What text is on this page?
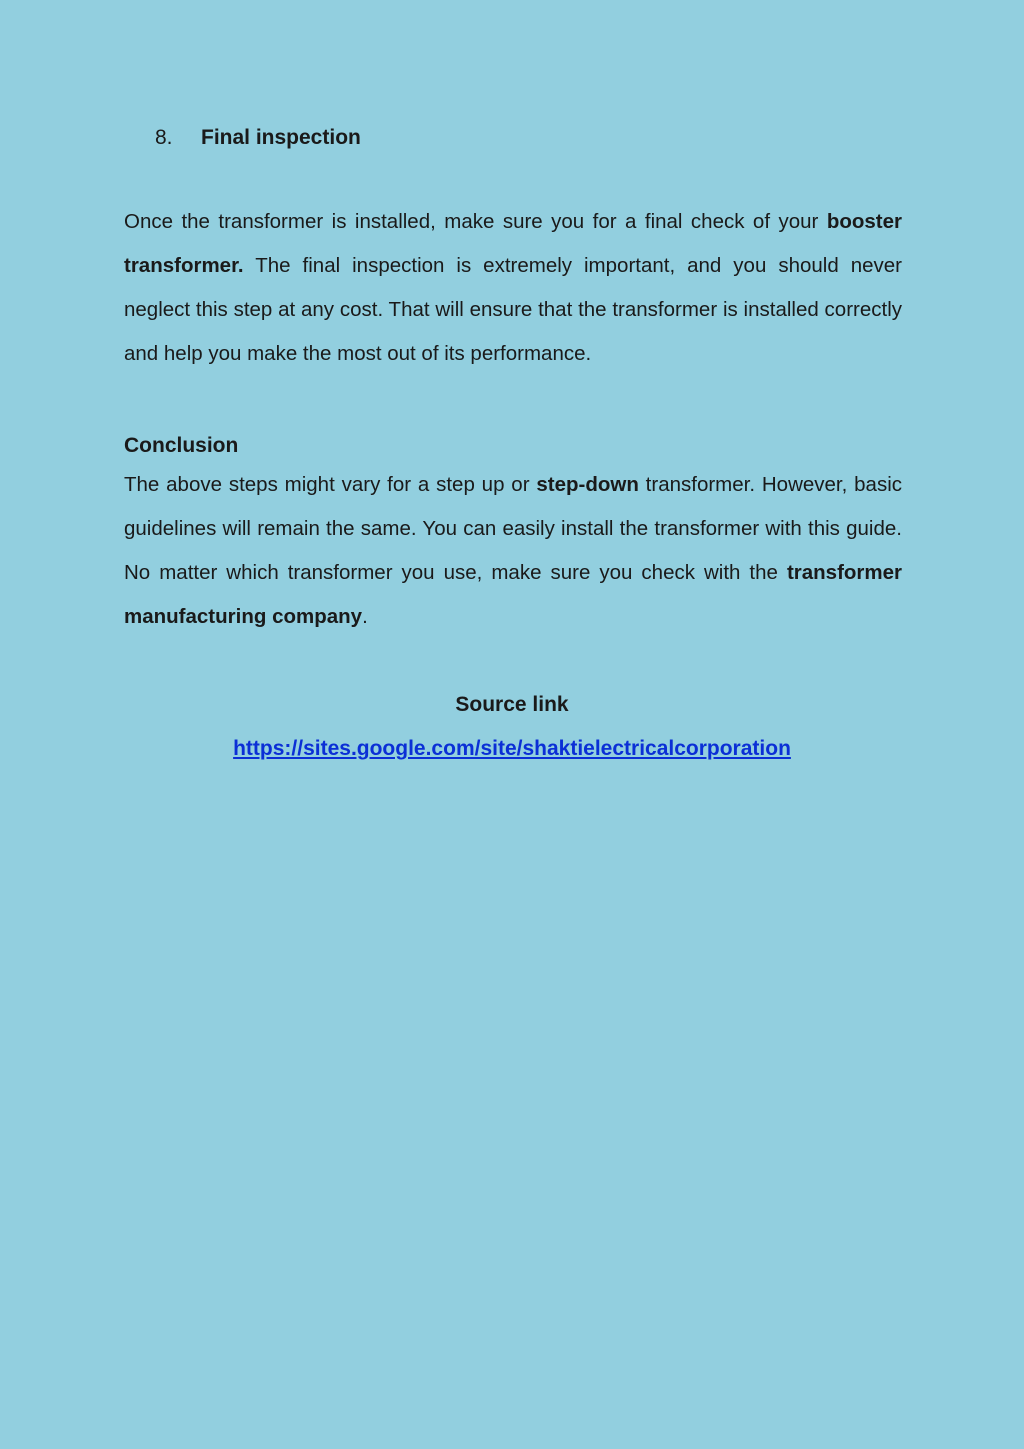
8.	Final inspection

Once the transformer is installed, make sure you for a final check of your booster transformer. The final inspection is extremely important, and you should never neglect this step at any cost. That will ensure that the transformer is installed correctly and help you make the most out of its performance.

Conclusion

The above steps might vary for a step up or step-down transformer. However, basic guidelines will remain the same. You can easily install the transformer with this guide. No matter which transformer you use, make sure you check with the transformer manufacturing company.

Source link

https://sites.google.com/site/shaktielectricalcorporation
